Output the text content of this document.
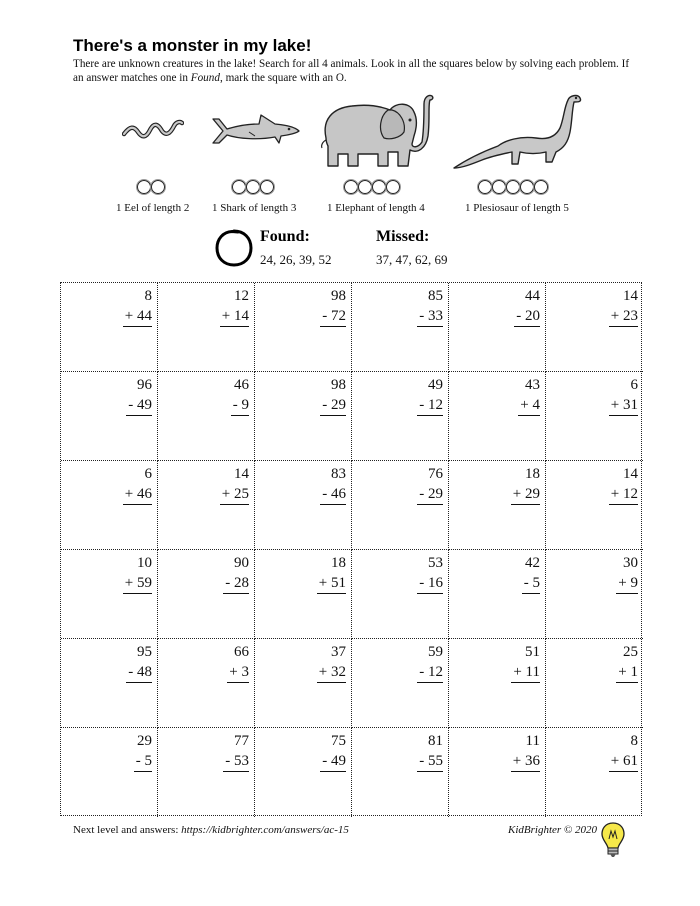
There's a monster in my lake!
There are unknown creatures in the lake! Search for all 4 animals. Look in all the squares below by solving each problem. If an answer matches one in Found, mark the square with an O.
1 Eel of length 2 1 Shark of length 3	1 Elephant of length 4	1 Plesiosaur of length 5
Found:
24, 26, 39, 52
Missed:
37, 47, 62, 69
8
+ 44
12
+ 14
98
- 72
85
- 33
44
- 20
14
+ 23
96
- 49
46
- 9
98
- 29
49
- 12
43
+ 4
6
+ 31
6
+ 46
14
+ 25
83
- 46
76
- 29
18
+ 29
14
+ 12
10
+ 59
90
- 28
18
+ 51
53
- 16
42
- 5
30
+ 9
95
- 48
66
+ 3
37
+ 32
59
- 12
51
+ 11
25
+ 1
29
- 5
77
- 53
75
- 49
81
- 55
11
+ 36
8
+ 61
Next level and answers: https://kidbrighter.com/answers/ac-15	KidBrighter © 2020
